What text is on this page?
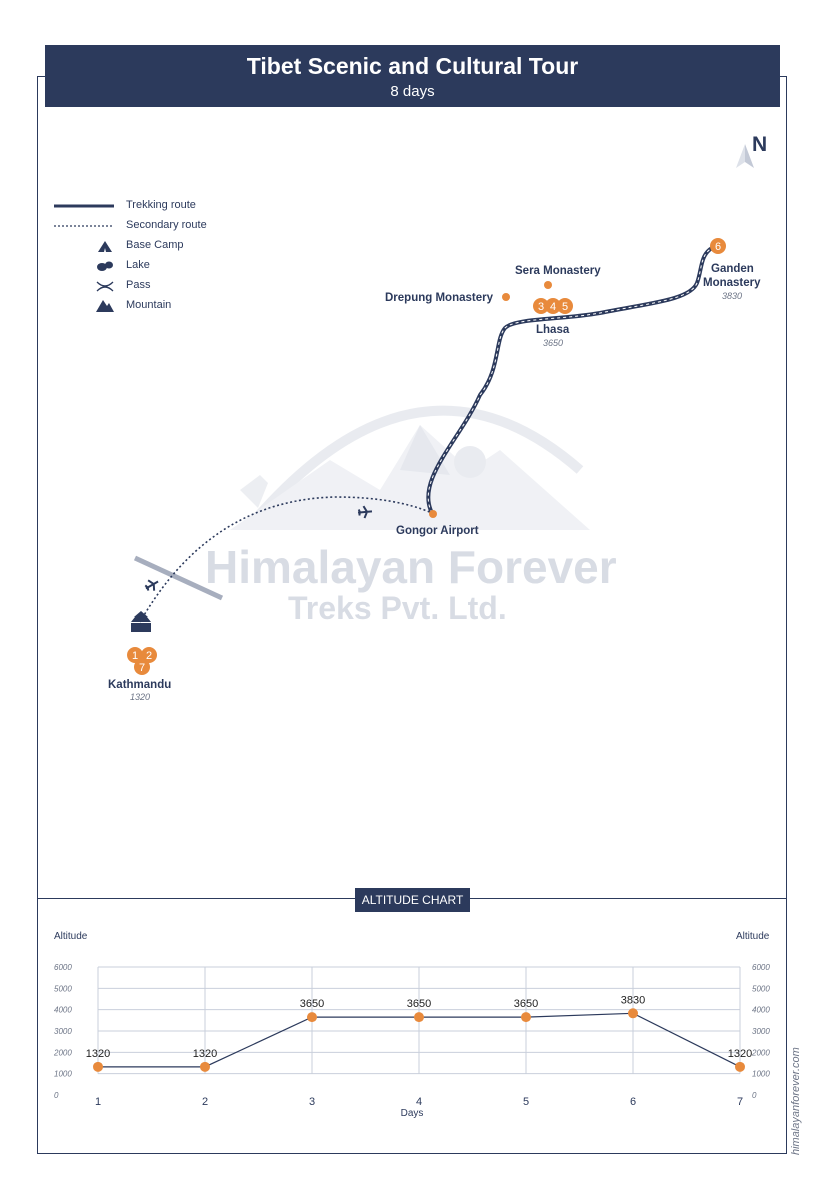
Tibet Scenic and Cultural Tour
8 days
1 2
7
3 4 5
6
N
Trekking route
Secondary route
Base Camp
Lake
Pass
Mountain
Himalayan Forever
Treks Pvt. Ltd.
Kathmandu
1320
Gongor Airport
Sera Monastery
Drepung Monastery
Lhasa
3650
Ganden
Monastery
3830
ALTITUDE CHART
Altitude	Altitude
himalayanforever.com
0	0
1000	1000
2000	2000
3000	3000
4000	4000
5000	5000
6000	6000
1	2	3	4	5	6	7
Days
1320	1320
3650	3650	3650	3830
1320
